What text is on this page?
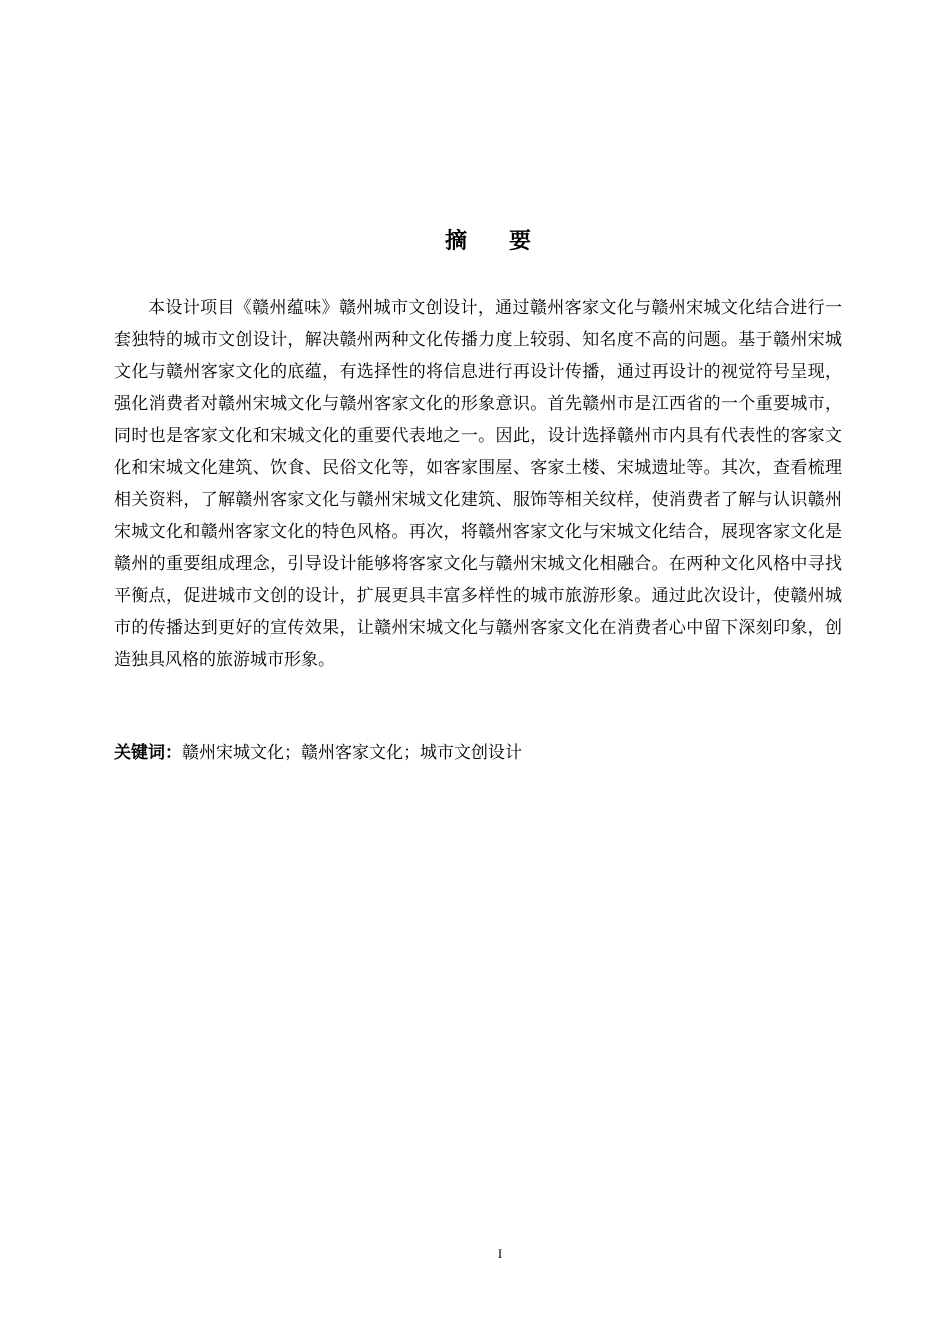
摘 要

本设计项目《赣州蕴味》赣州城市文创设计，通过赣州客家文化与赣州宋城文化结合进行一套独特的城市文创设计，解决赣州两种文化传播力度上较弱、知名度不高的问题。基于赣州宋城文化与赣州客家文化的底蕴，有选择性的将信息进行再设计传播，通过再设计的视觉符号呈现，强化消费者对赣州宋城文化与赣州客家文化的形象意识。首先赣州市是江西省的一个重要城市，同时也是客家文化和宋城文化的重要代表地之一。因此，设计选择赣州市内具有代表性的客家文化和宋城文化建筑、饮食、民俗文化等，如客家围屋、客家土楼、宋城遗址等。其次，查看梳理相关资料，了解赣州客家文化与赣州宋城文化建筑、服饰等相关纹样，使消费者了解与认识赣州宋城文化和赣州客家文化的特色风格。再次，将赣州客家文化与宋城文化结合，展现客家文化是赣州的重要组成理念，引导设计能够将客家文化与赣州宋城文化相融合。在两种文化风格中寻找平衡点，促进城市文创的设计，扩展更具丰富多样性的城市旅游形象。通过此次设计，使赣州城市的传播达到更好的宣传效果，让赣州宋城文化与赣州客家文化在消费者心中留下深刻印象，创造独具风格的旅游城市形象。

关键词：赣州宋城文化；赣州客家文化；城市文创设计

I
